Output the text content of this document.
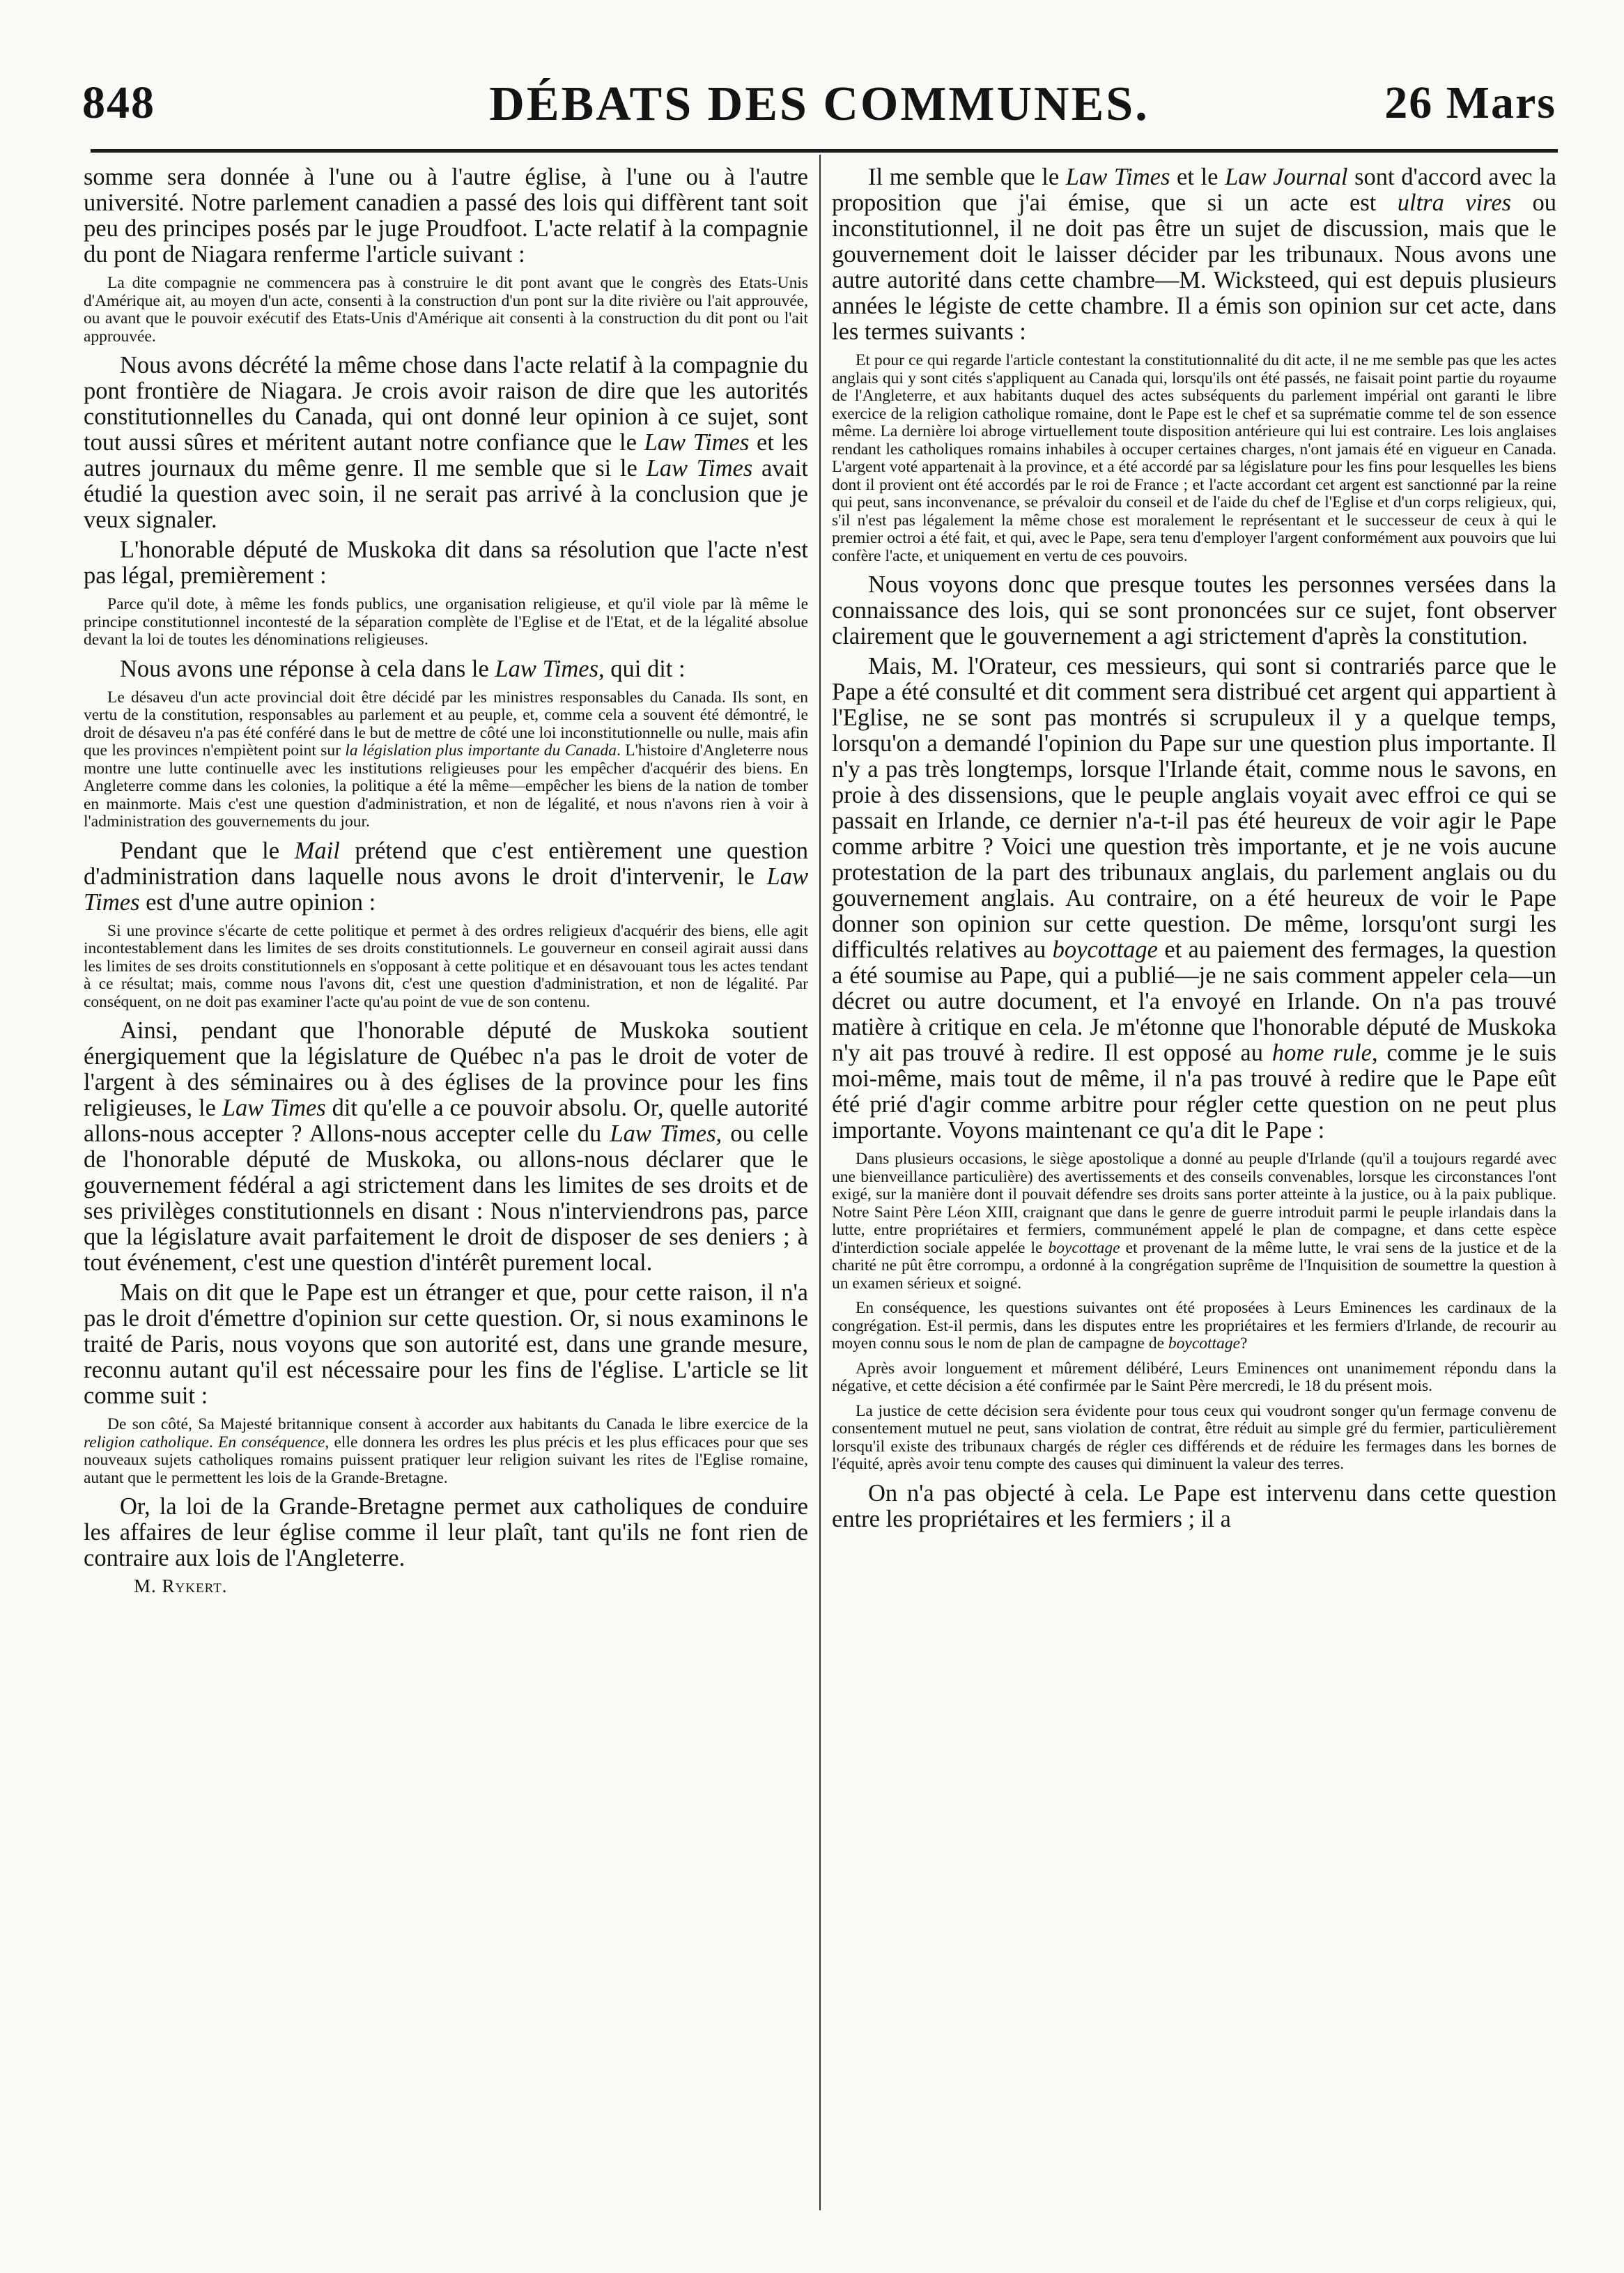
848	DÉBATS DES COMMUNES.	26 Mars

somme sera donnée à l'une ou à l'autre église, à l'une ou à l'autre université. Notre parlement canadien a passé des lois qui diffèrent tant soit peu des principes posés par le juge Proudfoot. L'acte relatif à la compagnie du pont de Niagara renferme l'article suivant :

La dite compagnie ne commencera pas à construire le dit pont avant que le congrès des Etats-Unis d'Amérique ait, au moyen d'un acte, consenti à la construction d'un pont sur la dite rivière ou l'ait approuvée, ou avant que le pouvoir exécutif des Etats-Unis d'Amérique ait consenti à la construction du dit pont ou l'ait approuvée.

Nous avons décrété la même chose dans l'acte relatif à la compagnie du pont frontière de Niagara. Je crois avoir raison de dire que les autorités constitutionnelles du Canada, qui ont donné leur opinion à ce sujet, sont tout aussi sûres et méritent autant notre confiance que le Law Times et les autres journaux du même genre. Il me semble que si le Law Times avait étudié la question avec soin, il ne serait pas arrivé à la conclusion que je veux signaler.

L'honorable député de Muskoka dit dans sa résolution que l'acte n'est pas légal, premièrement :

Parce qu'il dote, à même les fonds publics, une organisation religieuse, et qu'il viole par là même le principe constitutionnel incontesté de la séparation complète de l'Eglise et de l'Etat, et de la légalité absolue devant la loi de toutes les dénominations religieuses.

Nous avons une réponse à cela dans le Law Times, qui dit :

Le désaveu d'un acte provincial doit être décidé par les ministres responsables du Canada. Ils sont, en vertu de la constitution, responsables au parlement et au peuple, et, comme cela a souvent été démontré, le droit de désaveu n'a pas été conféré dans le but de mettre de côté une loi inconstitutionnelle ou nulle, mais afin que les provinces n'empiètent point sur la législation plus importante du Canada. L'histoire d'Angleterre nous montre une lutte continuelle avec les institutions religieuses pour les empêcher d'acquérir des biens. En Angleterre comme dans les colonies, la politique a été la même—empêcher les biens de la nation de tomber en mainmorte. Mais c'est une question d'administration, et non de légalité, et nous n'avons rien à voir à l'administration des gouvernements du jour.

Pendant que le Mail prétend que c'est entièrement une question d'administration dans laquelle nous avons le droit d'intervenir, le Law Times est d'une autre opinion :

Si une province s'écarte de cette politique et permet à des ordres religieux d'acquérir des biens, elle agit incontestablement dans les limites de ses droits constitutionnels. Le gouverneur en conseil agirait aussi dans les limites de ses droits constitutionnels en s'opposant à cette politique et en désavouant tous les actes tendant à ce résultat; mais, comme nous l'avons dit, c'est une question d'administration, et non de légalité. Par conséquent, on ne doit pas examiner l'acte qu'au point de vue de son contenu.

Ainsi, pendant que l'honorable député de Muskoka soutient énergiquement que la législature de Québec n'a pas le droit de voter de l'argent à des séminaires ou à des églises de la province pour les fins religieuses, le Law Times dit qu'elle a ce pouvoir absolu. Or, quelle autorité allons-nous accepter ? Allons-nous accepter celle du Law Times, ou celle de l'honorable député de Muskoka, ou allons-nous déclarer que le gouvernement fédéral a agi strictement dans les limites de ses droits et de ses privilèges constitutionnels en disant : Nous n'interviendrons pas, parce que la législature avait parfaitement le droit de disposer de ses deniers ; à tout événement, c'est une question d'intérêt purement local.

Mais on dit que le Pape est un étranger et que, pour cette raison, il n'a pas le droit d'émettre d'opinion sur cette question. Or, si nous examinons le traité de Paris, nous voyons que son autorité est, dans une grande mesure, reconnu autant qu'il est nécessaire pour les fins de l'église. L'article se lit comme suit :

De son côté, Sa Majesté britannique consent à accorder aux habitants du Canada le libre exercice de la religion catholique. En conséquence, elle donnera les ordres les plus précis et les plus efficaces pour que ses nouveaux sujets catholiques romains puissent pratiquer leur religion suivant les rites de l'Eglise romaine, autant que le permettent les lois de la Grande-Bretagne.

Or, la loi de la Grande-Bretagne permet aux catholiques de conduire les affaires de leur église comme il leur plaît, tant qu'ils ne font rien de contraire aux lois de l'Angleterre.

M. Rykert.

Il me semble que le Law Times et le Law Journal sont d'accord avec la proposition que j'ai émise, que si un acte est ultra vires ou inconstitutionnel, il ne doit pas être un sujet de discussion, mais que le gouvernement doit le laisser décider par les tribunaux. Nous avons une autre autorité dans cette chambre—M. Wicksteed, qui est depuis plusieurs années le légiste de cette chambre. Il a émis son opinion sur cet acte, dans les termes suivants :

Et pour ce qui regarde l'article contestant la constitutionnalité du dit acte, il ne me semble pas que les actes anglais qui y sont cités s'appliquent au Canada qui, lorsqu'ils ont été passés, ne faisait point partie du royaume de l'Angleterre, et aux habitants duquel des actes subséquents du parlement impérial ont garanti le libre exercice de la religion catholique romaine, dont le Pape est le chef et sa suprématie comme tel de son essence même. La dernière loi abroge virtuellement toute disposition antérieure qui lui est contraire. Les lois anglaises rendant les catholiques romains inhabiles à occuper certaines charges, n'ont jamais été en vigueur en Canada. L'argent voté appartenait à la province, et a été accordé par sa législature pour les fins pour lesquelles les biens dont il provient ont été accordés par le roi de France ; et l'acte accordant cet argent est sanctionné par la reine qui peut, sans inconvenance, se prévaloir du conseil et de l'aide du chef de l'Eglise et d'un corps religieux, qui, s'il n'est pas légalement la même chose est moralement le représentant et le successeur de ceux à qui le premier octroi a été fait, et qui, avec le Pape, sera tenu d'employer l'argent conformément aux pouvoirs que lui confère l'acte, et uniquement en vertu de ces pouvoirs.

Nous voyons donc que presque toutes les personnes versées dans la connaissance des lois, qui se sont prononcées sur ce sujet, font observer clairement que le gouvernement a agi strictement d'après la constitution.

Mais, M. l'Orateur, ces messieurs, qui sont si contrariés parce que le Pape a été consulté et dit comment sera distribué cet argent qui appartient à l'Eglise, ne se sont pas montrés si scrupuleux il y a quelque temps, lorsqu'on a demandé l'opinion du Pape sur une question plus importante. Il n'y a pas très longtemps, lorsque l'Irlande était, comme nous le savons, en proie à des dissensions, que le peuple anglais voyait avec effroi ce qui se passait en Irlande, ce dernier n'a-t-il pas été heureux de voir agir le Pape comme arbitre ? Voici une question très importante, et je ne vois aucune protestation de la part des tribunaux anglais, du parlement anglais ou du gouvernement anglais. Au contraire, on a été heureux de voir le Pape donner son opinion sur cette question. De même, lorsqu'ont surgi les difficultés relatives au boycottage et au paiement des fermages, la question a été soumise au Pape, qui a publié—je ne sais comment appeler cela—un décret ou autre document, et l'a envoyé en Irlande. On n'a pas trouvé matière à critique en cela. Je m'étonne que l'honorable député de Muskoka n'y ait pas trouvé à redire. Il est opposé au home rule, comme je le suis moi-même, mais tout de même, il n'a pas trouvé à redire que le Pape eût été prié d'agir comme arbitre pour régler cette question on ne peut plus importante. Voyons maintenant ce qu'a dit le Pape :

Dans plusieurs occasions, le siège apostolique a donné au peuple d'Irlande (qu'il a toujours regardé avec une bienveillance particulière) des avertissements et des conseils convenables, lorsque les circonstances l'ont exigé, sur la manière dont il pouvait défendre ses droits sans porter atteinte à la justice, ou à la paix publique. Notre Saint Père Léon XIII, craignant que dans le genre de guerre introduit parmi le peuple irlandais dans la lutte, entre propriétaires et fermiers, communément appelé le plan de compagne, et dans cette espèce d'interdiction sociale appelée le boycottage et provenant de la même lutte, le vrai sens de la justice et de la charité ne pût être corrompu, a ordonné à la congrégation suprême de l'Inquisition de soumettre la question à un examen sérieux et soigné.

En conséquence, les questions suivantes ont été proposées à Leurs Eminences les cardinaux de la congrégation. Est-il permis, dans les disputes entre les propriétaires et les fermiers d'Irlande, de recourir au moyen connu sous le nom de plan de campagne de boycottage?

Après avoir longuement et mûrement délibéré, Leurs Eminences ont unanimement répondu dans la négative, et cette décision a été confirmée par le Saint Père mercredi, le 18 du présent mois.

La justice de cette décision sera évidente pour tous ceux qui voudront songer qu'un fermage convenu de consentement mutuel ne peut, sans violation de contrat, être réduit au simple gré du fermier, particulièrement lorsqu'il existe des tribunaux chargés de régler ces différends et de réduire les fermages dans les bornes de l'équité, après avoir tenu compte des causes qui diminuent la valeur des terres.

On n'a pas objecté à cela. Le Pape est intervenu dans cette question entre les propriétaires et les fermiers ; il a
